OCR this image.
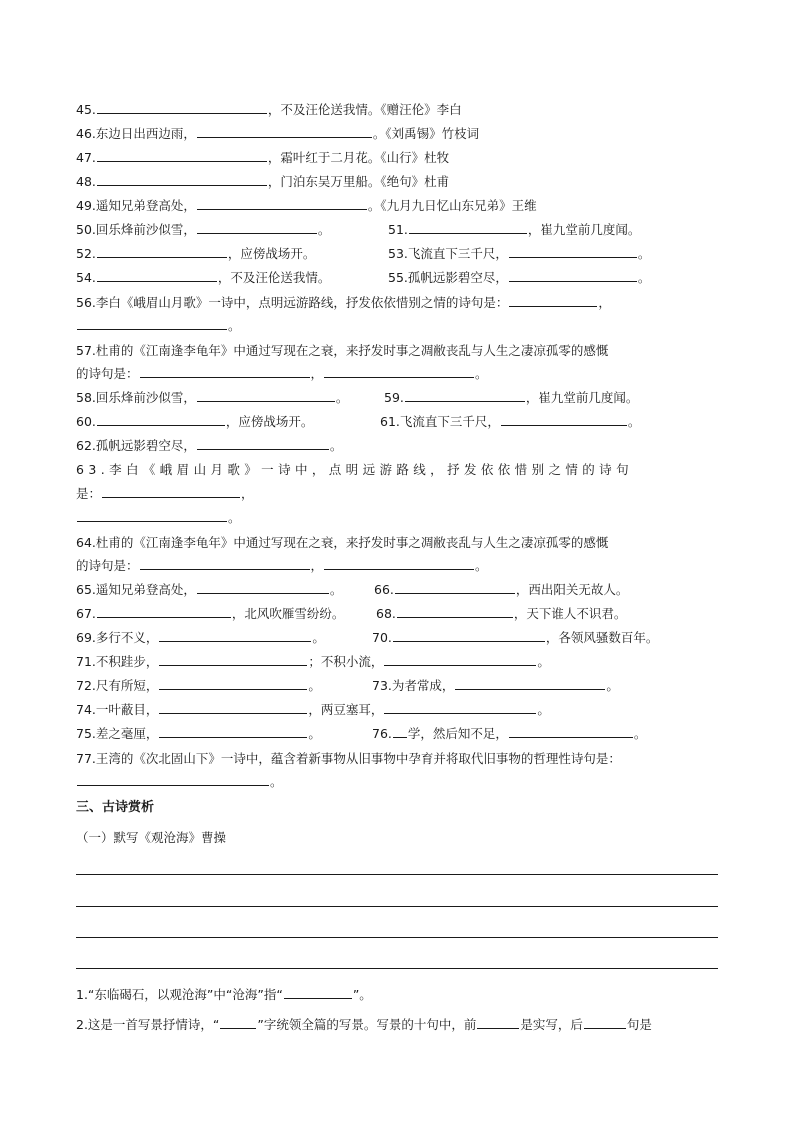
45.	，不及汪伦送我情。《赠汪伦》李白
46.东边日出西边雨，	。《刘禹锡》竹枝词
47.	，霜叶红于二月花。《山行》杜牧
48.	，门泊东吴万里船。《绝句》杜甫
49.遥知兄弟登高处，	。《九月九日忆山东兄弟》王维
50.回乐烽前沙似雪，	。	51.	，崔九堂前几度闻。
52.	，应傍战场开。	53.飞流直下三千尺，	。
54.	，不及汪伦送我情。	55.孤帆远影碧空尽，	。
56.李白《峨眉山月歌》一诗中，点明远游路线，抒发依依惜别之情的诗句是：	，
。
57.杜甫的《江南逢李龟年》中通过写现在之衰，来抒发时事之凋敝丧乱与人生之凄凉孤零的感慨
的诗句是：	，	。
58.回乐烽前沙似雪，	。	59.	，崔九堂前几度闻。
60.	，应傍战场开。	61.飞流直下三千尺，	。
62.孤帆远影碧空尽，	。
63.李白《峨眉山月歌》一诗中，点明远游路线，抒发依依惜别之情的诗句
是：	，
。
64.杜甫的《江南逢李龟年》中通过写现在之衰，来抒发时事之凋敝丧乱与人生之凄凉孤零的感慨
的诗句是：	，	。
65.遥知兄弟登高处，	。	66.	，西出阳关无故人。
67.	，北风吹雁雪纷纷。	68.	，天下谁人不识君。
69.多行不义，	。	70.	，各领风骚数百年。
71.不积跬步，	；不积小流，	。
72.尺有所短，	。	73.为者常成，	。
74.一叶蔽目，	，两豆塞耳，	。
75.差之毫厘，	。	76. 学，然后知不足，	。
77.王湾的《次北固山下》一诗中，蕴含着新事物从旧事物中孕育并将取代旧事物的哲理性诗句是：
。
三、古诗赏析
（一）默写《观沧海》曹操
1.“东临碣石，以观沧海”中“沧海”指“	”。
2.这是一首写景抒情诗，“	”字统领全篇的写景。写景的十句中，前	是实写，后	句是
